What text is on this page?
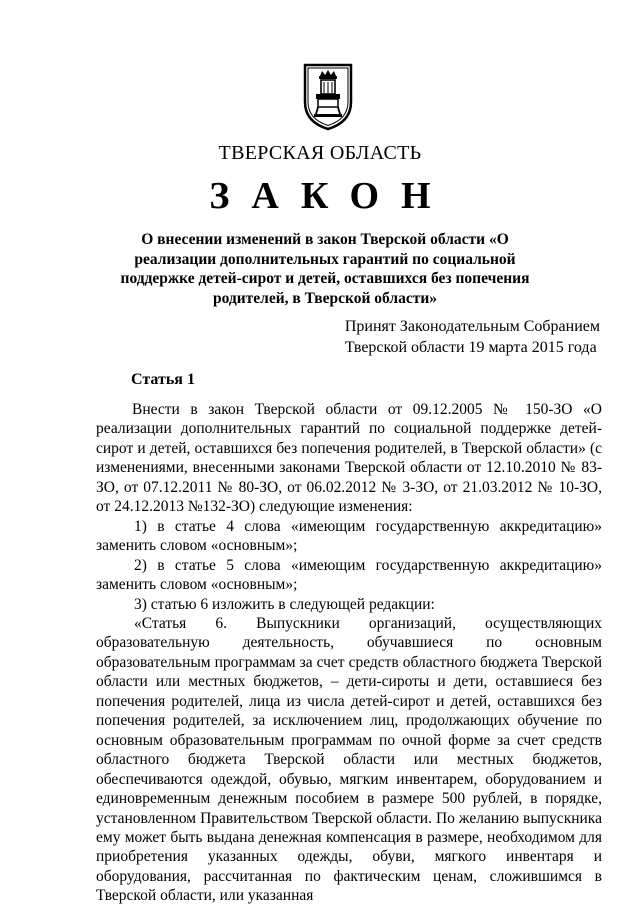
ТВЕРСКАЯ ОБЛАСТЬ
ЗАКОН
О внесении изменений в закон Тверской области «О реализации дополнительных гарантий по социальной поддержке детей-сирот и детей, оставшихся без попечения родителей, в Тверской области»
Принят Законодательным Собранием
Тверской области 19 марта 2015 года
Статья 1

Внести в закон Тверской области от 09.12.2005 № 150-ЗО «О реализации дополнительных гарантий по социальной поддержке детей-сирот и детей, оставшихся без попечения родителей, в Тверской области» (с изменениями, внесенными законами Тверской области от 12.10.2010 № 83-ЗО, от 07.12.2011 № 80-ЗО, от 06.02.2012 № 3-ЗО, от 21.03.2012 № 10-ЗО, от 24.12.2013 №132-ЗО) следующие изменения:

1) в статье 4 слова «имеющим государственную аккредитацию» заменить словом «основным»;

2) в статье 5 слова «имеющим государственную аккредитацию» заменить словом «основным»;

3) статью 6 изложить в следующей редакции:

«Статья 6. Выпускники организаций, осуществляющих образовательную деятельность, обучавшиеся по основным образовательным программам за счет средств областного бюджета Тверской области или местных бюджетов, – дети-сироты и дети, оставшиеся без попечения родителей, лица из числа детей-сирот и детей, оставшихся без попечения родителей, за исключением лиц, продолжающих обучение по основным образовательным программам по очной форме за счет средств областного бюджета Тверской области или местных бюджетов, обеспечиваются одеждой, обувью, мягким инвентарем, оборудованием и единовременным денежным пособием в размере 500 рублей, в порядке, установленном Правительством Тверской области. По желанию выпускника ему может быть выдана денежная компенсация в размере, необходимом для приобретения указанных одежды, обуви, мягкого инвентаря и оборудования, рассчитанная по фактическим ценам, сложившимся в Тверской области, или указанная
